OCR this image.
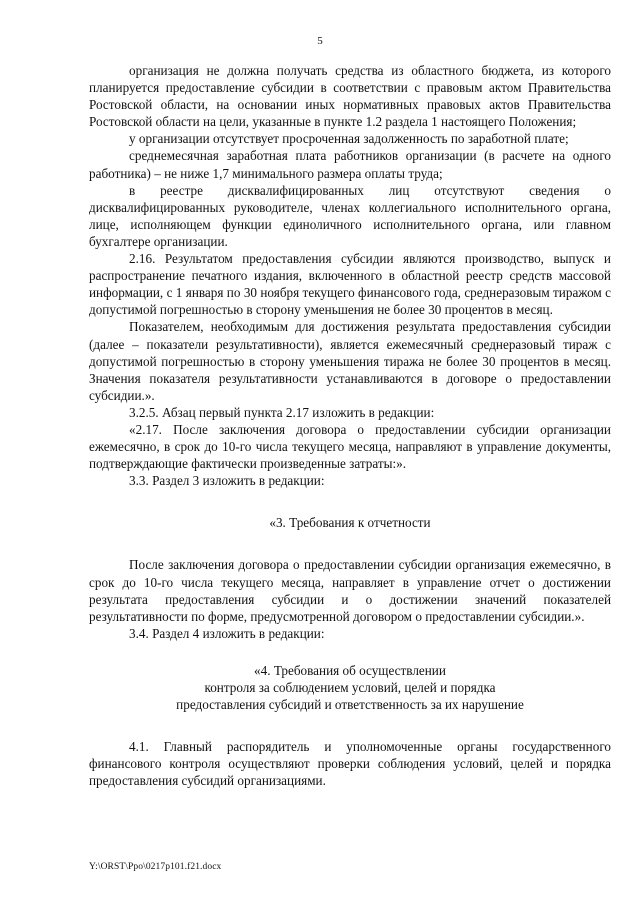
5

организация не должна получать средства из областного бюджета, из которого планируется предоставление субсидии в соответствии с правовым актом Правительства Ростовской области, на основании иных нормативных правовых актов Правительства Ростовской области на цели, указанные в пункте 1.2 раздела 1 настоящего Положения;

у организации отсутствует просроченная задолженность по заработной плате;

среднемесячная заработная плата работников организации (в расчете на одного работника) – не ниже 1,7 минимального размера оплаты труда;

в реестре дисквалифицированных лиц отсутствуют сведения о дисквалифицированных руководителе, членах коллегиального исполнительного органа, лице, исполняющем функции единоличного исполнительного органа, или главном бухгалтере организации.

2.16. Результатом предоставления субсидии являются производство, выпуск и распространение печатного издания, включенного в областной реестр средств массовой информации, с 1 января по 30 ноября текущего финансового года, среднеразовым тиражом с допустимой погрешностью в сторону уменьшения не более 30 процентов в месяц.

Показателем, необходимым для достижения результата предоставления субсидии (далее – показатели результативности), является ежемесячный среднеразовый тираж с допустимой погрешностью в сторону уменьшения тиража не более 30 процентов в месяц. Значения показателя результативности устанавливаются в договоре о предоставлении субсидии.».

3.2.5. Абзац первый пункта 2.17 изложить в редакции:

«2.17. После заключения договора о предоставлении субсидии организации ежемесячно, в срок до 10-го числа текущего месяца, направляют в управление документы, подтверждающие фактически произведенные затраты:».

3.3. Раздел 3 изложить в редакции:

«3. Требования к отчетности

После заключения договора о предоставлении субсидии организация ежемесячно, в срок до 10-го числа текущего месяца, направляет в управление отчет о достижении результата предоставления субсидии и о достижении значений показателей результативности по форме, предусмотренной договором о предоставлении субсидии.».

3.4. Раздел 4 изложить в редакции:

«4. Требования об осуществлении

контроля за соблюдением условий, целей и порядка

предоставления субсидий и ответственность за их нарушение

4.1. Главный распорядитель и уполномоченные органы государственного финансового контроля осуществляют проверки соблюдения условий, целей и порядка предоставления субсидий организациями.

Y:\ORST\Ppo\0217p101.f21.docx
